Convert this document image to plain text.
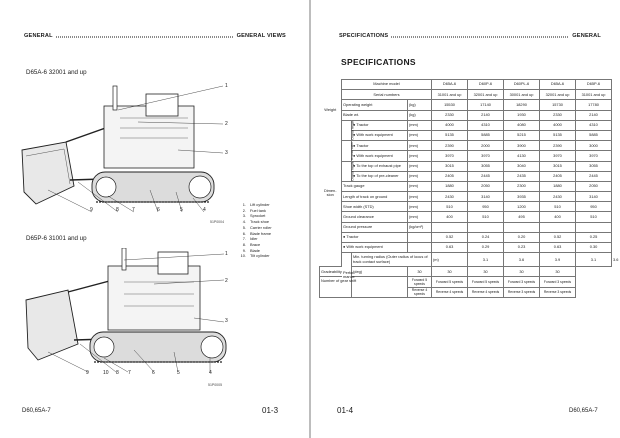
GENERAL	GENERAL VIEWS
D65A-6 32001 and up
1
2
3
4
5
6
7
8
9
51P0004
1. Lift cylinder
2. Fuel tank
3. Sprocket
4. Track shoe
5. Carrier roller
6. Blade frame
7. Idler
8. Brace
9. Blade
10. Tilt cylinder
D65P-6 31001 and up
1
2
3
4
5
6
7
8
10
9
51P0005
D60,65A-7	01-3
SPECIFICATIONS	GENERAL
SPECIFICATIONS
	Machine model			D65A-6	D60P-6	D60PL-6	D65A-6	D65P-6	
	Serial numbers			31001 and up	32001 and up	30001 and up	32001 and up	31001 and up	
Weight	Operating weight		(kg)	15530	17140	18290	15730	17780	
	Blade wt.		(kg)	2330	2140	1930	2330	2140	
Dimen- sion	Overall length	● Tractor	(mm)	4000	4310	4080	4000	4310	
		● With work equipment	(mm)	5135	5885	5215	5135	5885	
	Overall width	● Tractor	(mm)	2390	2000	3900	2390	3000	
		● With work equipment	(mm)	3970	3970	4130	3970	3970	
	Overall height	● To the top of exhaust pipe	(mm)	3015	3055	3040	3015	3055	
		● To the top of pre-cleaner	(mm)	2405	2445	2435	2405	2445	
	Track gauge		(mm)	1880	2050	2300	1880	2050	
	Length of track on ground		(mm)	2430	3140	3935	2430	3140	
	Shoe width (STD)		(mm)	510	950	1200	510	950	
	Ground clearance		(mm)	400	510	495	400	510	
	Ground pressure		(kg/cm²)						
	● Tractor			0.52	0.24	0.20	0.52	0.25	
	● With work equipment			0.63	0.29	0.23	0.63	0.30	
	Perfor- mance	Min. turning radius (Outer radius of locus of track contact surface)		(m)	3.1	3.6	3.9	3.1	3.6
Gradeability		(deg)	30	30	30	30	30		
Number of gear shift			Forward 5 speeds	Forward 5 speeds	Forward 5 speeds	Forward 3 speeds	Forward 3 speeds		
			Reverse 4 speeds	Reverse 4 speeds	Reverse 4 speeds	Reverse 3 speeds	Reverse 3 speeds		
01-4	D60,65A-7
